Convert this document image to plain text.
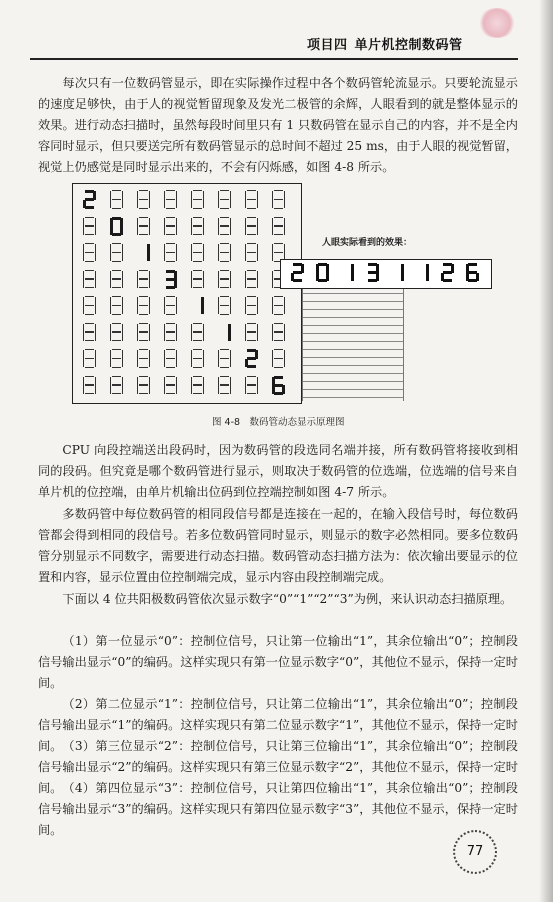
项目四 单片机控制数码管
每次只有一位数码管显示，即在实际操作过程中各个数码管轮流显示。只要轮流显示的速度足够快，由于人的视觉暂留现象及发光二极管的余辉，人眼看到的就是整体显示的效果。进行动态扫描时，虽然每段时间里只有 1 只数码管在显示自己的内容，并不是全内容同时显示，但只要送完所有数码管显示的总时间不超过 25 ms，由于人眼的视觉暂留，视觉上仍感觉是同时显示出来的，不会有闪烁感，如图 4-8 所示。
人眼实际看到的效果：
图 4-8　数码管动态显示原理图
CPU 向段控端送出段码时，因为数码管的段选同名端并接，所有数码管将接收到相同的段码。但究竟是哪个数码管进行显示，则取决于数码管的位选端，位选端的信号来自单片机的位控端，由单片机输出位码到位控端控制如图 4-7 所示。
多数码管中每位数码管的相同段信号都是连接在一起的，在输入段信号时，每位数码管都会得到相同的段信号。若多位数码管同时显示，则显示的数字必然相同。要多位数码管分别显示不同数字，需要进行动态扫描。数码管动态扫描方法为：依次输出要显示的位置和内容，显示位置由位控制端完成，显示内容由段控制端完成。
下面以 4 位共阳极数码管依次显示数字“0”“1”“2”“3”为例，来认识动态扫描原理。
（1）第一位显示“0”：控制位信号，只让第一位输出“1”，其余位输出“0”；控制段信号输出显示“0”的编码。这样实现只有第一位显示数字“0”，其他位不显示，保持一定时间。
（2）第二位显示“1”：控制位信号，只让第二位输出“1”，其余位输出“0”；控制段信号输出显示“1”的编码。这样实现只有第二位显示数字“1”，其他位不显示，保持一定时间。 （3）第三位显示“2”：控制位信号，只让第三位输出“1”，其余位输出“0”；控制段信号输出显示“2”的编码。这样实现只有第三位显示数字“2”，其他位不显示，保持一定时间。 （4）第四位显示“3”：控制位信号，只让第四位输出“1”，其余位输出“0”；控制段信号输出显示“3”的编码。这样实现只有第四位显示数字“3”，其他位不显示，保持一定时间。
77
